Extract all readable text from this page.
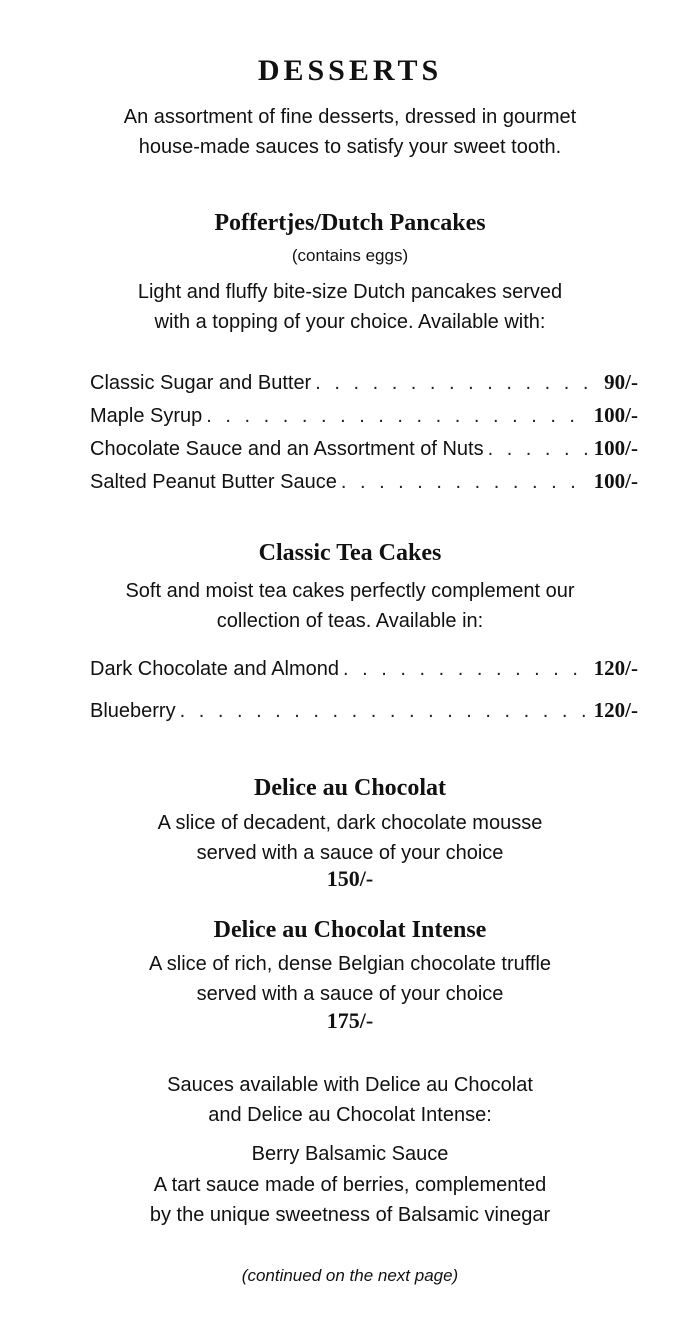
DESSERTS

An assortment of fine desserts, dressed in gourmet

house-made sauces to satisfy your sweet tooth.

Poffertjes/Dutch Pancakes
(contains eggs)

Light and fluffy bite-size Dutch pancakes served

with a topping of your choice. Available with:

Classic Sugar and Butter . . .	90/-
Maple Syrup . . .	100/-
Chocolate Sauce and an Assortment of Nuts . . .	100/-
Salted Peanut Butter Sauce . . .	100/-
Classic Tea Cakes

Soft and moist tea cakes perfectly complement our

collection of teas. Available in:

Dark Chocolate and Almond . . .	120/-
Blueberry . . .	120/-
Delice au Chocolat

A slice of decadent, dark chocolate mousse

served with a sauce of your choice

150/-
Delice au Chocolat Intense

A slice of rich, dense Belgian chocolate truffle

served with a sauce of your choice

175/-

Sauces available with Delice au Chocolat

and Delice au Chocolat Intense:

Berry Balsamic Sauce

A tart sauce made of berries, complemented

by the unique sweetness of Balsamic vinegar

(continued on the next page)
